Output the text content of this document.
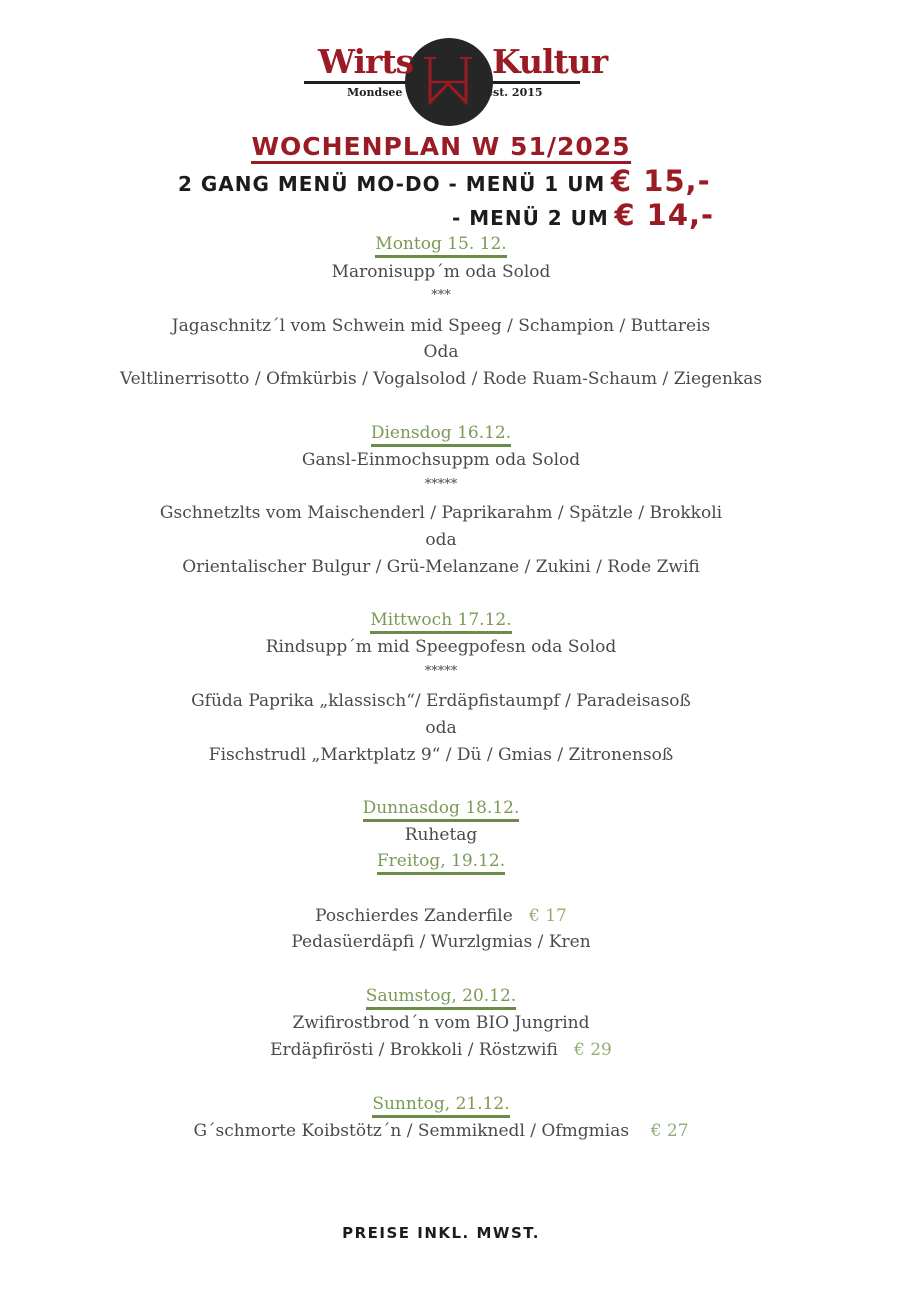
Wirts Kultur
Mondsee	est. 2015
WOCHENPLAN W 51/2025
2 GANG MENÜ MO-DO - MENÜ 1 UM € 15,-
- MENÜ 2 UM € 14,-
Montog 15. 12.
Maronisupp´m oda Solod
***
Jagaschnitz´l vom Schwein mid Speeg / Schampion / Buttareis
Oda
Veltlinerrisotto / Ofmkürbis / Vogalsolod / Rode Ruam-Schaum / Ziegenkas
Diensdog 16.12.
Gansl-Einmochsuppm oda Solod
*****
Gschnetzlts vom Maischenderl / Paprikarahm / Spätzle / Brokkoli
oda
Orientalischer Bulgur / Grü-Melanzane / Zukini / Rode Zwifi
Mittwoch 17.12.
Rindsupp´m mid Speegpofesn oda Solod
*****
Gfüda Paprika „klassisch“/ Erdäpfistaumpf / Paradeisasoß
oda
Fischstrudl „Marktplatz 9“ / Dü / Gmias / Zitronensoß
Dunnasdog 18.12.
Ruhetag
Freitog, 19.12.
Poschierdes Zanderfile € 17
Pedasüerdäpfi / Wurzlgmias / Kren
Saumstog, 20.12.
Zwifirostbrod´n vom BIO Jungrind
Erdäpfirösti / Brokkoli / Röstzwifi € 29
Sunntog, 21.12.
G´schmorte Koibstötz´n / Semmiknedl / Ofmgmias € 27
PREISE INKL. MWST.
